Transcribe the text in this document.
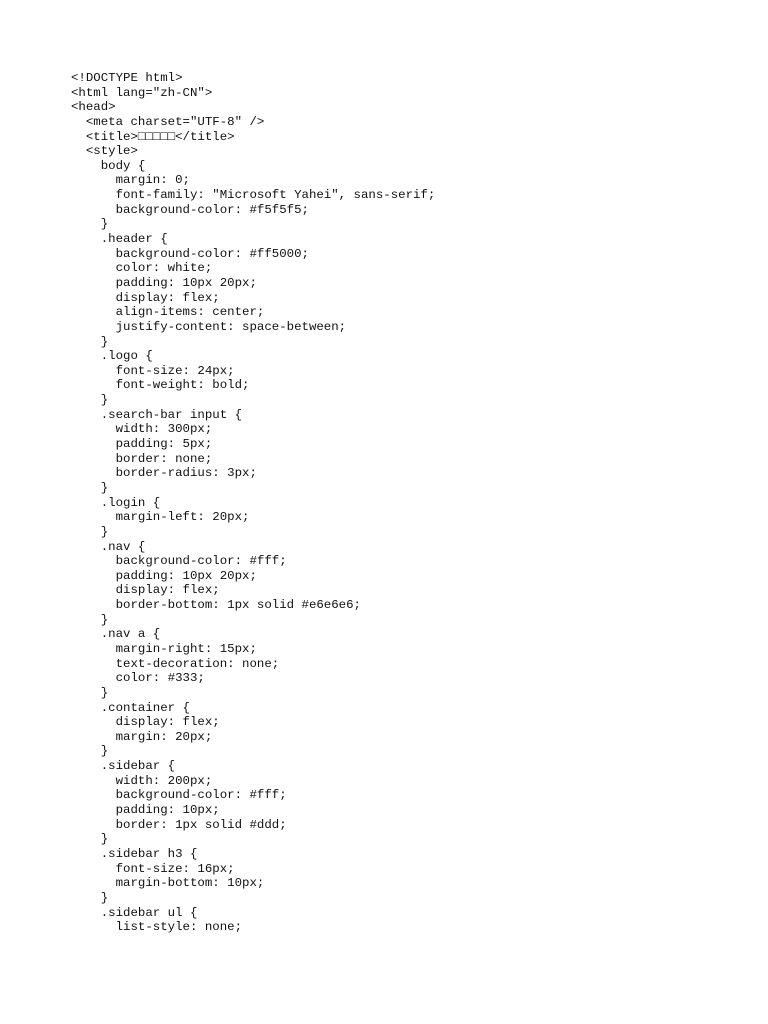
<!DOCTYPE html>
<html lang="zh-CN">
<head>
<meta charset="UTF-8" />
<title>□□□□□</title>
<style>
body {
margin: 0;
font-family: "Microsoft Yahei", sans-serif;
background-color: #f5f5f5;
}
.header {
background-color: #ff5000;
color: white;
padding: 10px 20px;
display: flex;
align-items: center;
justify-content: space-between;
}
.logo {
font-size: 24px;
font-weight: bold;
}
.search-bar input {
width: 300px;
padding: 5px;
border: none;
border-radius: 3px;
}
.login {
margin-left: 20px;
}
.nav {
background-color: #fff;
padding: 10px 20px;
display: flex;
border-bottom: 1px solid #e6e6e6;
}
.nav a {
margin-right: 15px;
text-decoration: none;
color: #333;
}
.container {
display: flex;
margin: 20px;
}
.sidebar {
width: 200px;
background-color: #fff;
padding: 10px;
border: 1px solid #ddd;
}
.sidebar h3 {
font-size: 16px;
margin-bottom: 10px;
}
.sidebar ul {
list-style: none;
